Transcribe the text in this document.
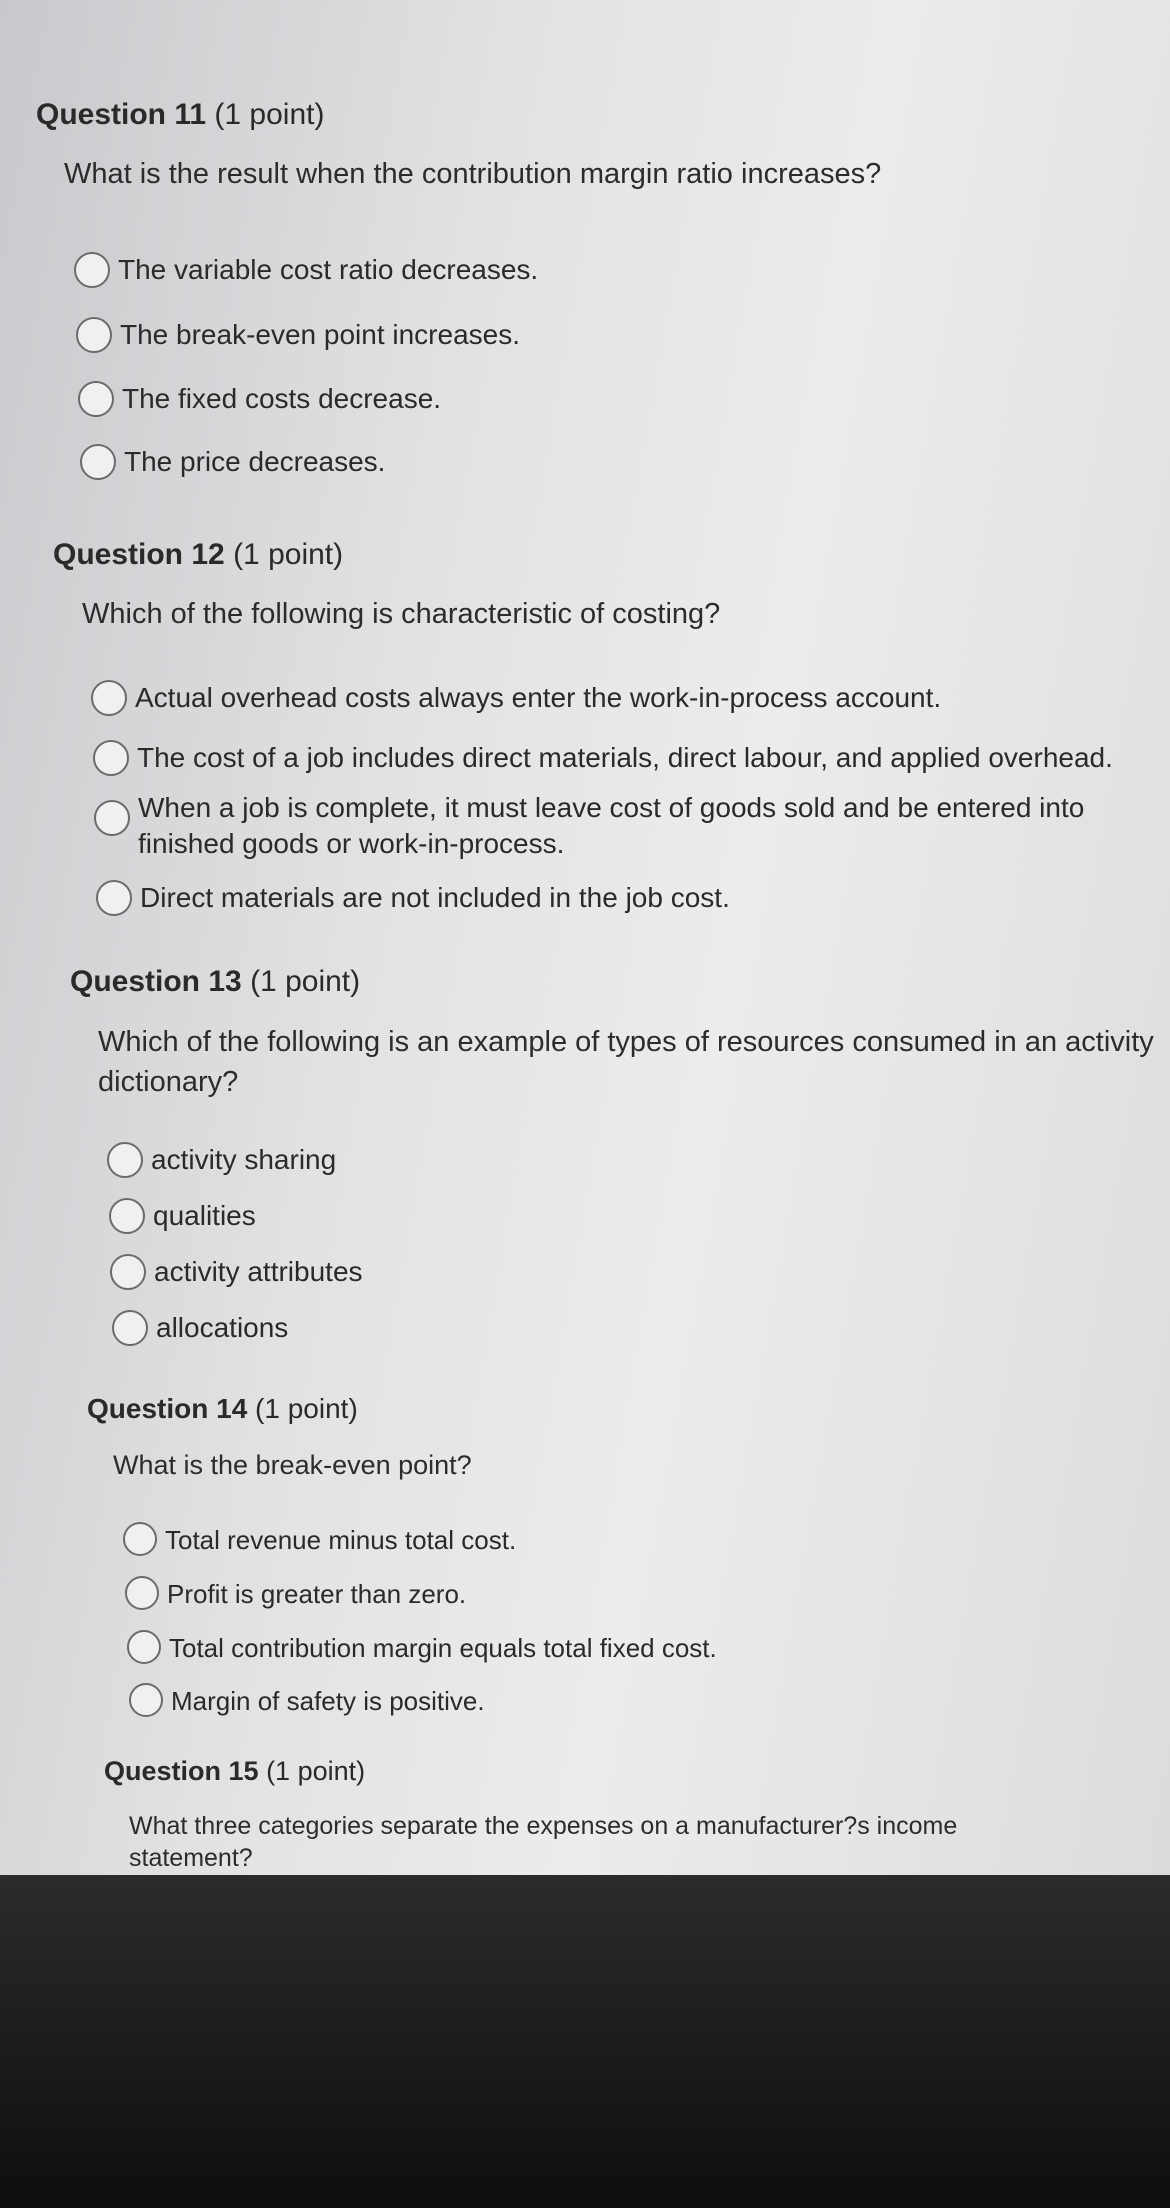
Question 11 (1 point)
What is the result when the contribution margin ratio increases?
The variable cost ratio decreases.
The break-even point increases.
The fixed costs decrease.
The price decreases.
Question 12 (1 point)
Which of the following is characteristic of costing?
Actual overhead costs always enter the work-in-process account.
The cost of a job includes direct materials, direct labour, and applied overhead.
When a job is complete, it must leave cost of goods sold and be entered into finished goods or work-in-process.
Direct materials are not included in the job cost.
Question 13 (1 point)
Which of the following is an example of types of resources consumed in an activity dictionary?
activity sharing
qualities
activity attributes
allocations
Question 14 (1 point)
What is the break-even point?
Total revenue minus total cost.
Profit is greater than zero.
Total contribution margin equals total fixed cost.
Margin of safety is positive.
Question 15 (1 point)
What three categories separate the expenses on a manufacturer?s income statement?
